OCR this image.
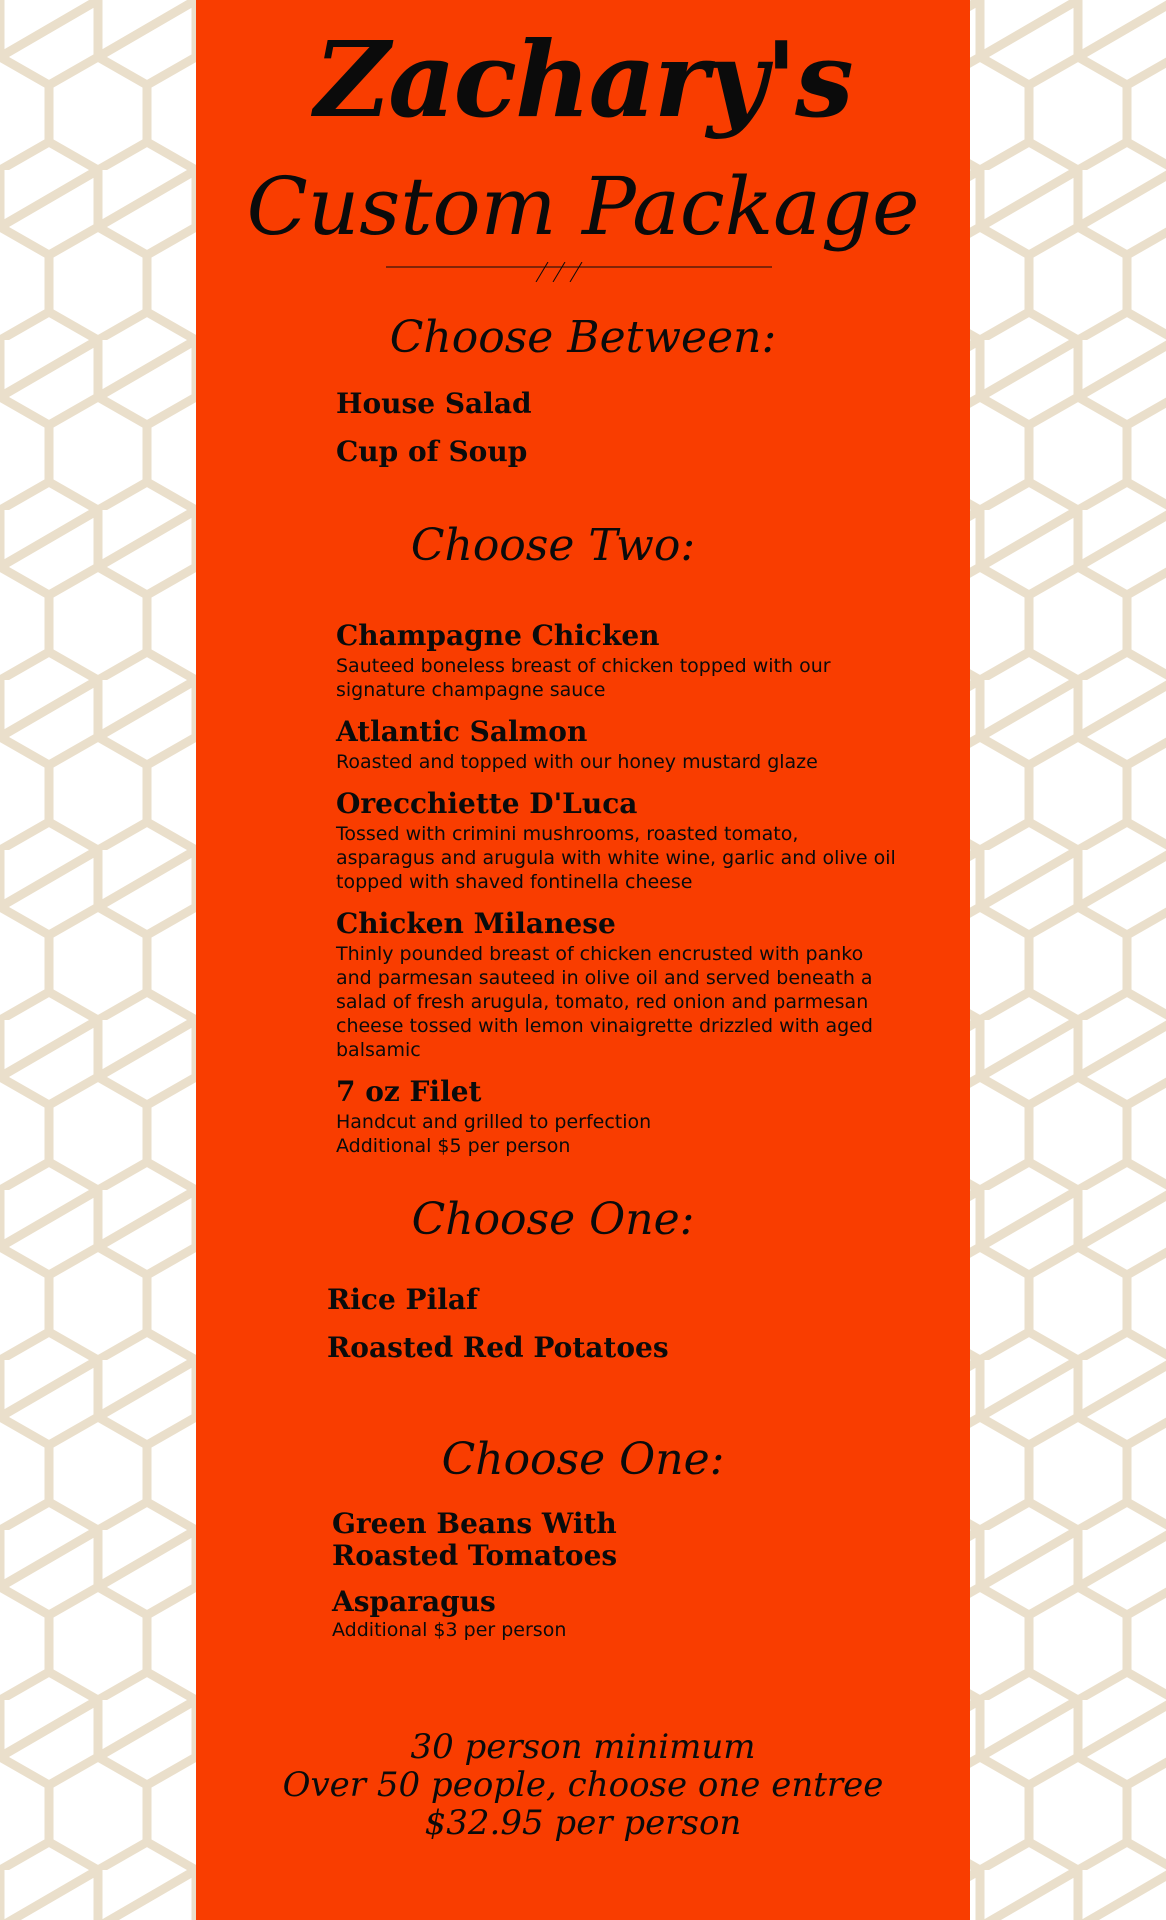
Zachary's
Custom Package
Choose Between:
House Salad
Cup of Soup
Choose Two:
Champagne Chicken
Sauteed boneless breast of chicken topped with our signature champagne sauce
Atlantic Salmon
Roasted and topped with our honey mustard glaze
Orecchiette D'Luca
Tossed with crimini mushrooms, roasted tomato, asparagus and arugula with white wine, garlic and olive oil topped with shaved fontinella cheese
Chicken Milanese
Thinly pounded breast of chicken encrusted with panko and parmesan sauteed in olive oil and served beneath a salad of fresh arugula, tomato, red onion and parmesan cheese tossed with lemon vinaigrette drizzled with aged balsamic
7 oz Filet
Handcut and grilled to perfection
Additional $5 per person
Choose One:
Rice Pilaf
Roasted Red Potatoes
Choose One:
Green Beans With Roasted Tomatoes
Asparagus
Additional $3 per person
30 person minimum
Over 50 people, choose one entree
$32.95 per person
